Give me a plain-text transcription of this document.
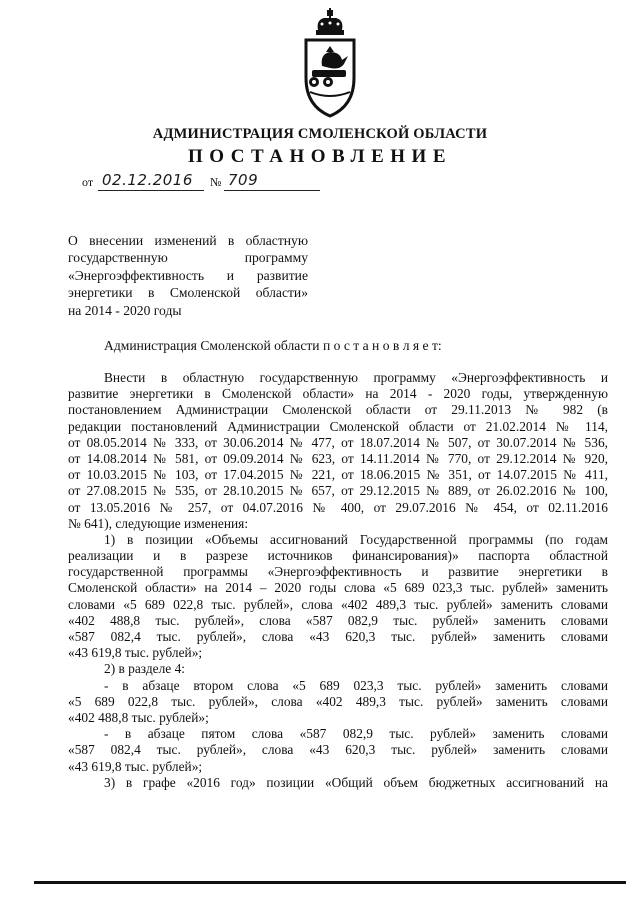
АДМИНИСТРАЦИЯ СМОЛЕНСКОЙ ОБЛАСТИ
ПОСТАНОВЛЕНИЕ
от 02.12.2016 № 709
О внесении изменений в областную
государственную программу
«Энергоэффективность и развитие
энергетики в Смоленской области»
на 2014 - 2020 годы
Администрация Смоленской области п о с т а н о в л я е т:
Внести в областную государственную программу «Энергоэффективность и
развитие энергетики в Смоленской области» на 2014 - 2020 годы, утвержденную
постановлением Администрации Смоленской области от 29.11.2013 № 982 (в
редакции постановлений Администрации Смоленской области от 21.02.2014 № 114,
от 08.05.2014 № 333, от 30.06.2014 № 477, от 18.07.2014 № 507, от 30.07.2014 № 536,
от 14.08.2014 № 581, от 09.09.2014 № 623, от 14.11.2014 № 770, от 29.12.2014 № 920,
от 10.03.2015 № 103, от 17.04.2015 № 221, от 18.06.2015 № 351, от 14.07.2015 № 411,
от 27.08.2015 № 535, от 28.10.2015 № 657, от 29.12.2015 № 889, от 26.02.2016 № 100,
от 13.05.2016 № 257, от 04.07.2016 № 400, от 29.07.2016 № 454, от 02.11.2016
№ 641), следующие изменения:
1) в позиции «Объемы ассигнований Государственной программы (по годам
реализации и в разрезе источников финансирования)» паспорта областной
государственной программы «Энергоэффективность и развитие энергетики в
Смоленской области» на 2014 – 2020 годы слова «5 689 023,3 тыс. рублей» заменить
словами «5 689 022,8 тыс. рублей», слова «402 489,3 тыс. рублей» заменить словами
«402 488,8 тыс. рублей», слова «587 082,9 тыс. рублей» заменить словами
«587 082,4 тыс. рублей», слова «43 620,3 тыс. рублей» заменить словами
«43 619,8 тыс. рублей»;
2) в разделе 4:
- в абзаце втором слова «5 689 023,3 тыс. рублей» заменить словами
«5 689 022,8 тыс. рублей», слова «402 489,3 тыс. рублей» заменить словами
«402 488,8 тыс. рублей»;
- в абзаце пятом слова «587 082,9 тыс. рублей» заменить словами
«587 082,4 тыс. рублей», слова «43 620,3 тыс. рублей» заменить словами
«43 619,8 тыс. рублей»;
3) в графе «2016 год» позиции «Общий объем бюджетных ассигнований на
